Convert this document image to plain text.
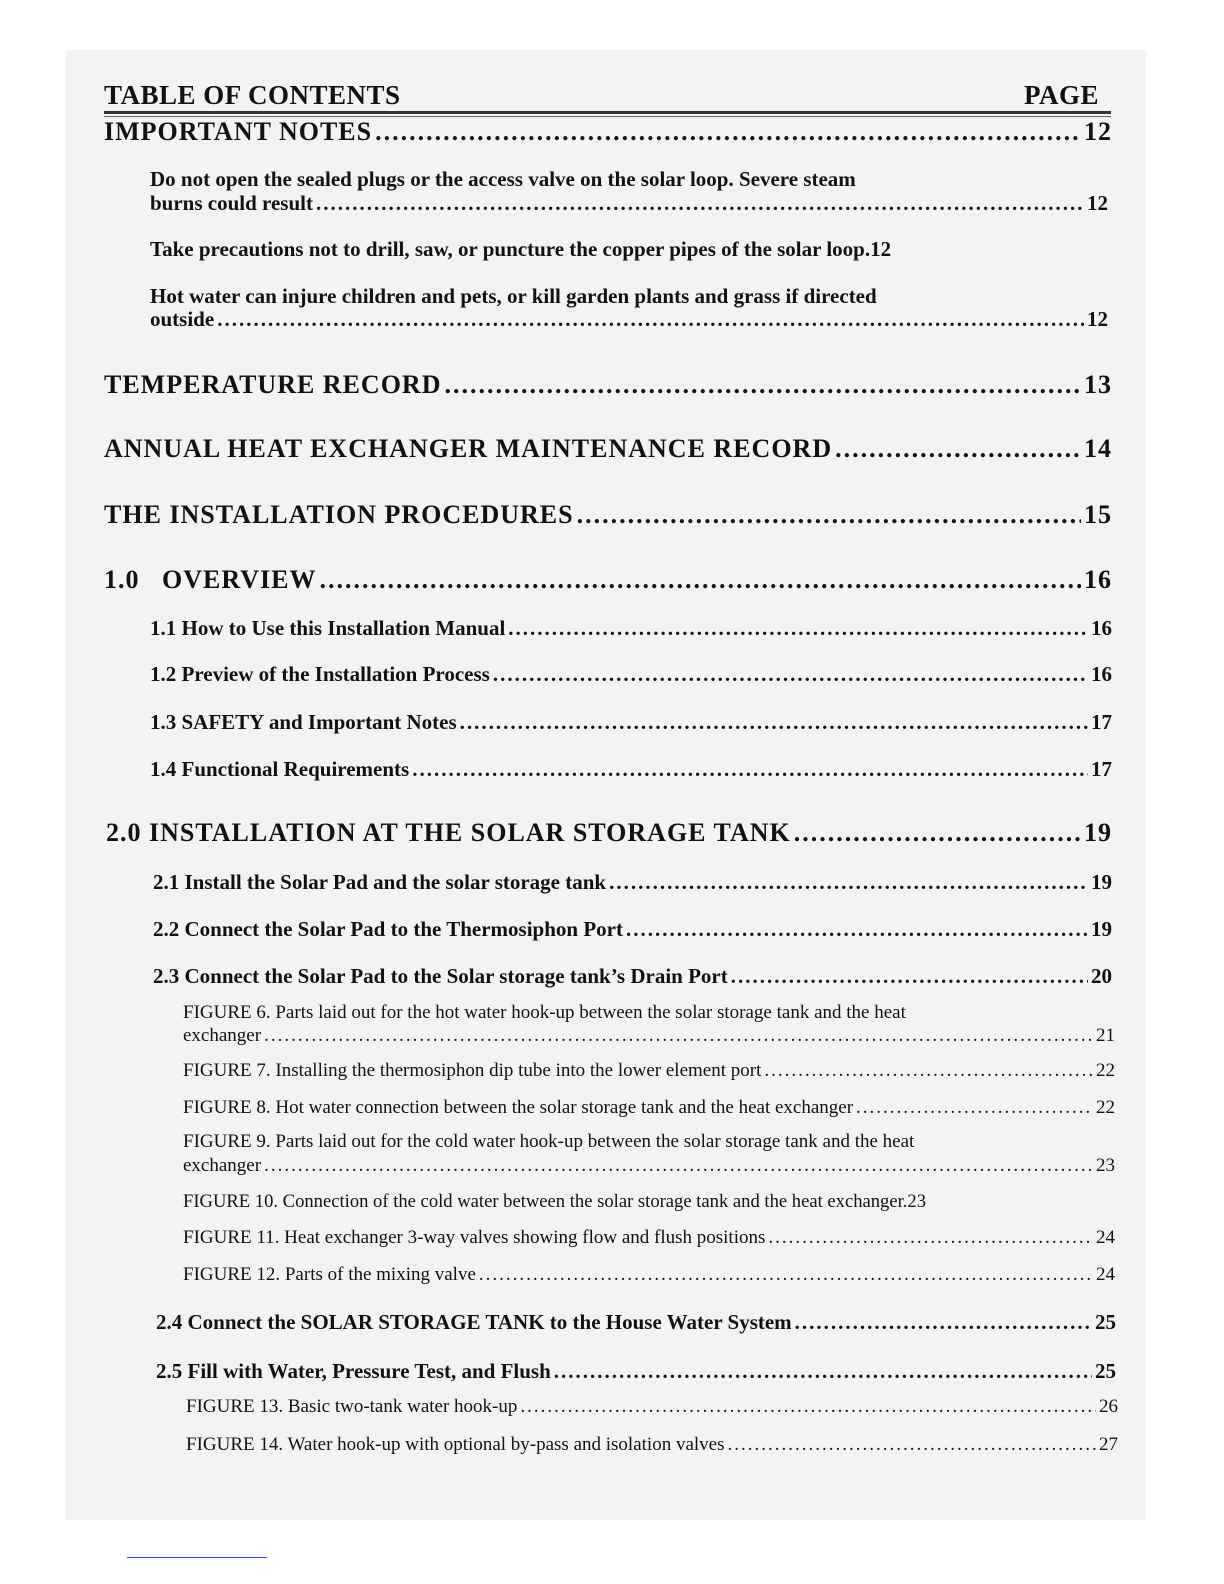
TABLE OF CONTENTS	PAGE
IMPORTANT NOTES .....	12
Do not open the sealed plugs or the access valve on the solar loop. Severe steam
burns could result .....	12
Take precautions not to drill, saw, or puncture the copper pipes of the solar loop. 12
Hot water can injure children and pets, or kill garden plants and grass if directed
outside .....	12
TEMPERATURE RECORD .....	13
ANNUAL HEAT EXCHANGER MAINTENANCE RECORD .....	14
THE INSTALLATION PROCEDURES .....	15
1.0   OVERVIEW .....	16
1.1 How to Use this Installation Manual .....	16
1.2 Preview of the Installation Process .....	16
1.3 SAFETY and Important Notes .....	17
1.4 Functional Requirements .....	17
2.0 INSTALLATION AT THE SOLAR STORAGE TANK .....	19
2.1 Install the Solar Pad and the solar storage tank .....	19
2.2 Connect the Solar Pad to the Thermosiphon Port .....	19
2.3 Connect the Solar Pad to the Solar storage tank’s Drain Port .....	20
FIGURE 6. Parts laid out for the hot water hook-up between the solar storage tank and the heat
exchanger .....	21
FIGURE 7. Installing the thermosiphon dip tube into the lower element port .....	22
FIGURE 8. Hot water connection between the solar storage tank and the heat exchanger .....	22
FIGURE 9. Parts laid out for the cold water hook-up between the solar storage tank and the heat
exchanger .....	23
FIGURE 10. Connection of the cold water between the solar storage tank and the heat exchanger.23
FIGURE 11. Heat exchanger 3-way valves showing flow and flush positions .....	24
FIGURE 12. Parts of the mixing valve .....	24
2.4 Connect the SOLAR STORAGE TANK to the House Water System .....	25
2.5 Fill with Water, Pressure Test, and Flush .....	25
FIGURE 13. Basic two-tank water hook-up .....	26
FIGURE 14. Water hook-up with optional by-pass and isolation valves .....	27
